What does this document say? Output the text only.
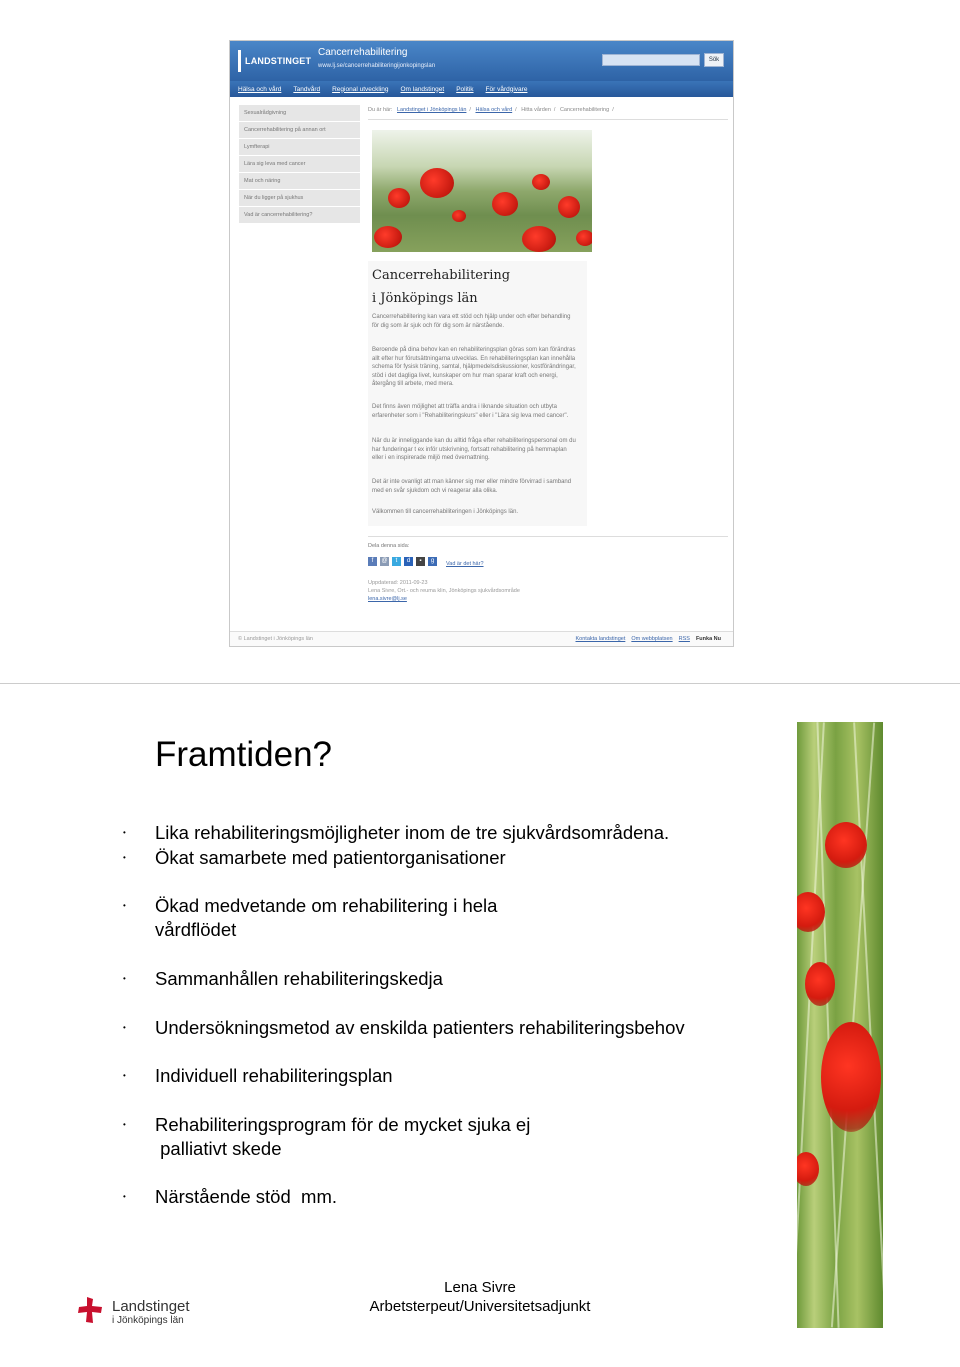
LANDSTINGET
Cancerrehabilitering
www.lj.se/cancerrehabiliteringijonkopingslan
Sök
Hälsa och vård Tandvård Regional utveckling Om landstinget Politik För vårdgivare
Sexualrådgivning
Cancerrehabilitering på annan ort
Lymfterapi
Lära sig leva med cancer
Mat och näring
När du ligger på sjukhus
Vad är cancerrehabilitering?
Du är här: Landstinget i Jönköpings län / Hälsa och vård / Hitta vården / Cancerrehabilitering /
Cancerrehabilitering
i Jönköpings län
Cancerrehabilitering kan vara ett stöd och hjälp under och efter behandling för dig som är sjuk och för dig som är närstående.
Beroende på dina behov kan en rehabiliteringsplan göras som kan förändras allt efter hur förutsättningarna utvecklas. En rehabiliteringsplan kan innehålla schema för fysisk träning, samtal, hjälpmedelsdiskussioner, kostförändringar, stöd i det dagliga livet, kunskaper om hur man sparar kraft och energi, återgång till arbete, med mera.
Det finns även möjlighet att träffa andra i liknande situation och utbyta erfarenheter som i "Rehabiliteringskurs" eller i "Lära sig leva med cancer".
När du är inneliggande kan du alltid fråga efter rehabiliteringspersonal om du har funderingar t ex inför utskrivning, fortsatt rehabilitering på hemmaplan eller i en inspirerade miljö med övernattning.
Det är inte ovanligt att man känner sig mer eller mindre förvirrad i samband med en svår sjukdom och vi reagerar alla olika.
Välkommen till cancerrehabiliteringen i Jönköpings län.
Dela denna sida:
f	@	t	d	▪	g	Vad är det här?
Uppdaterad: 2011-09-23
Lena Sivre, Ort.- och reuma klin, Jönköpings sjukvårdsområde
lena.sivre@lj.se
© Landstinget i Jönköpings län	Kontakta landstinget Om webbplatsen RSS Funka Nu
Framtiden?
• Lika rehabiliteringsmöjligheter inom de tre sjukvårdsområdena.
• Ökat samarbete med patientorganisationer
• Ökad medvetande om rehabilitering i hela
vårdflödet
• Sammanhållen rehabiliteringskedja
• Undersökningsmetod av enskilda patienters rehabiliteringsbehov
• Individuell rehabiliteringsplan
• Rehabiliteringsprogram för de mycket sjuka ej
palliativt skede
• Närstående stöd  mm.
Landstinget
i Jönköpings län
Lena Sivre
Arbetsterpeut/Universitetsadjunkt
